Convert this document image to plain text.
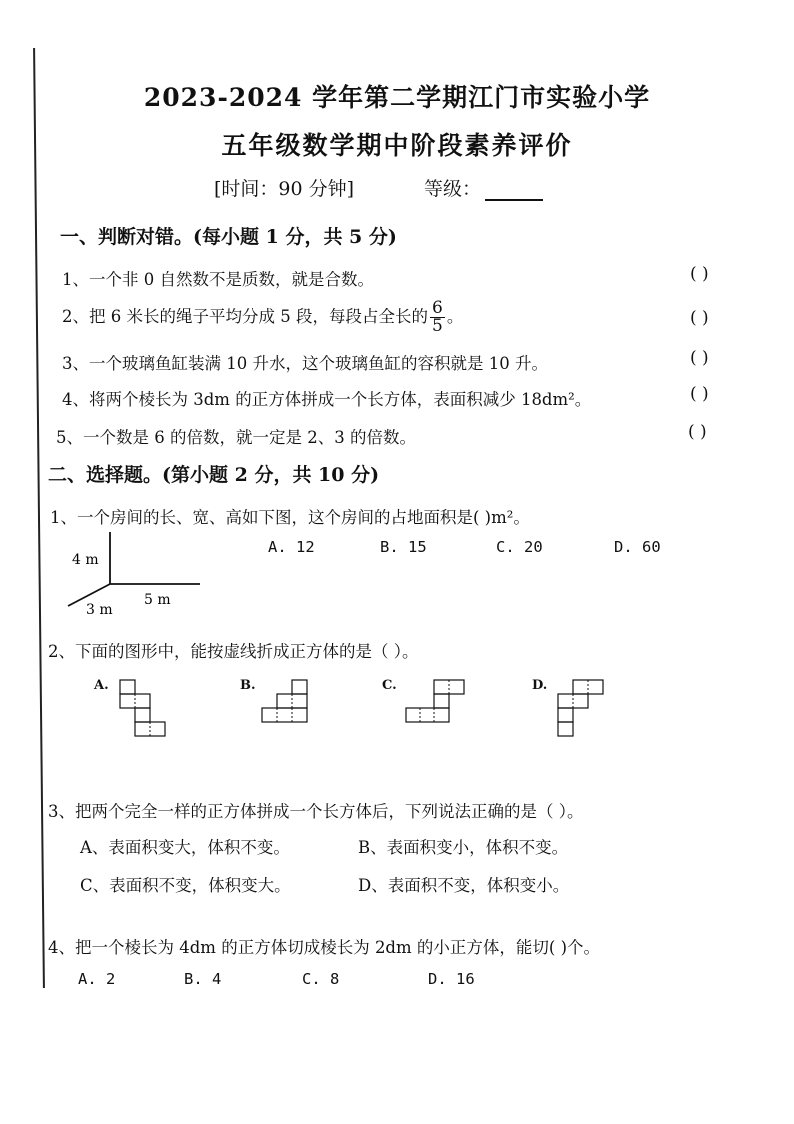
2023-2024 学年第二学期江门市实验小学
五年级数学期中阶段素养评价
[时间：90 分钟]	等级：
一、判断对错。(每小题 1 分，共 5 分)
1、一个非 0 自然数不是质数，就是合数。	( )
2、把 6 米长的绳子平均分成 5 段，每段占全长的 $\frac{6}{5}$ 。	( )
3、一个玻璃鱼缸装满 10 升水，这个玻璃鱼缸的容积就是 10 升。	( )
4、将两个棱长为 3dm 的正方体拼成一个长方体，表面积减少 18dm²。	( )
5、一个数是 6 的倍数，就一定是 2、3 的倍数。	( )
二、选择题。(第小题 2 分，共 10 分)
1、一个房间的长、宽、高如下图，这个房间的占地面积是( )m²。
4 m
3 m
5 m
A. 12	B. 15	C. 20	D. 60
2、下面的图形中，能按虚线折成正方体的是（ ）。
A.	B.	C.	D.
3、把两个完全一样的正方体拼成一个长方体后，下列说法正确的是（ ）。
A、表面积变大，体积不变。	B、表面积变小，体积不变。
C、表面积不变，体积变大。	D、表面积不变，体积变小。
4、把一个棱长为 4dm 的正方体切成棱长为 2dm 的小正方体，能切( )个。
A. 2	B. 4	C. 8	D. 16
